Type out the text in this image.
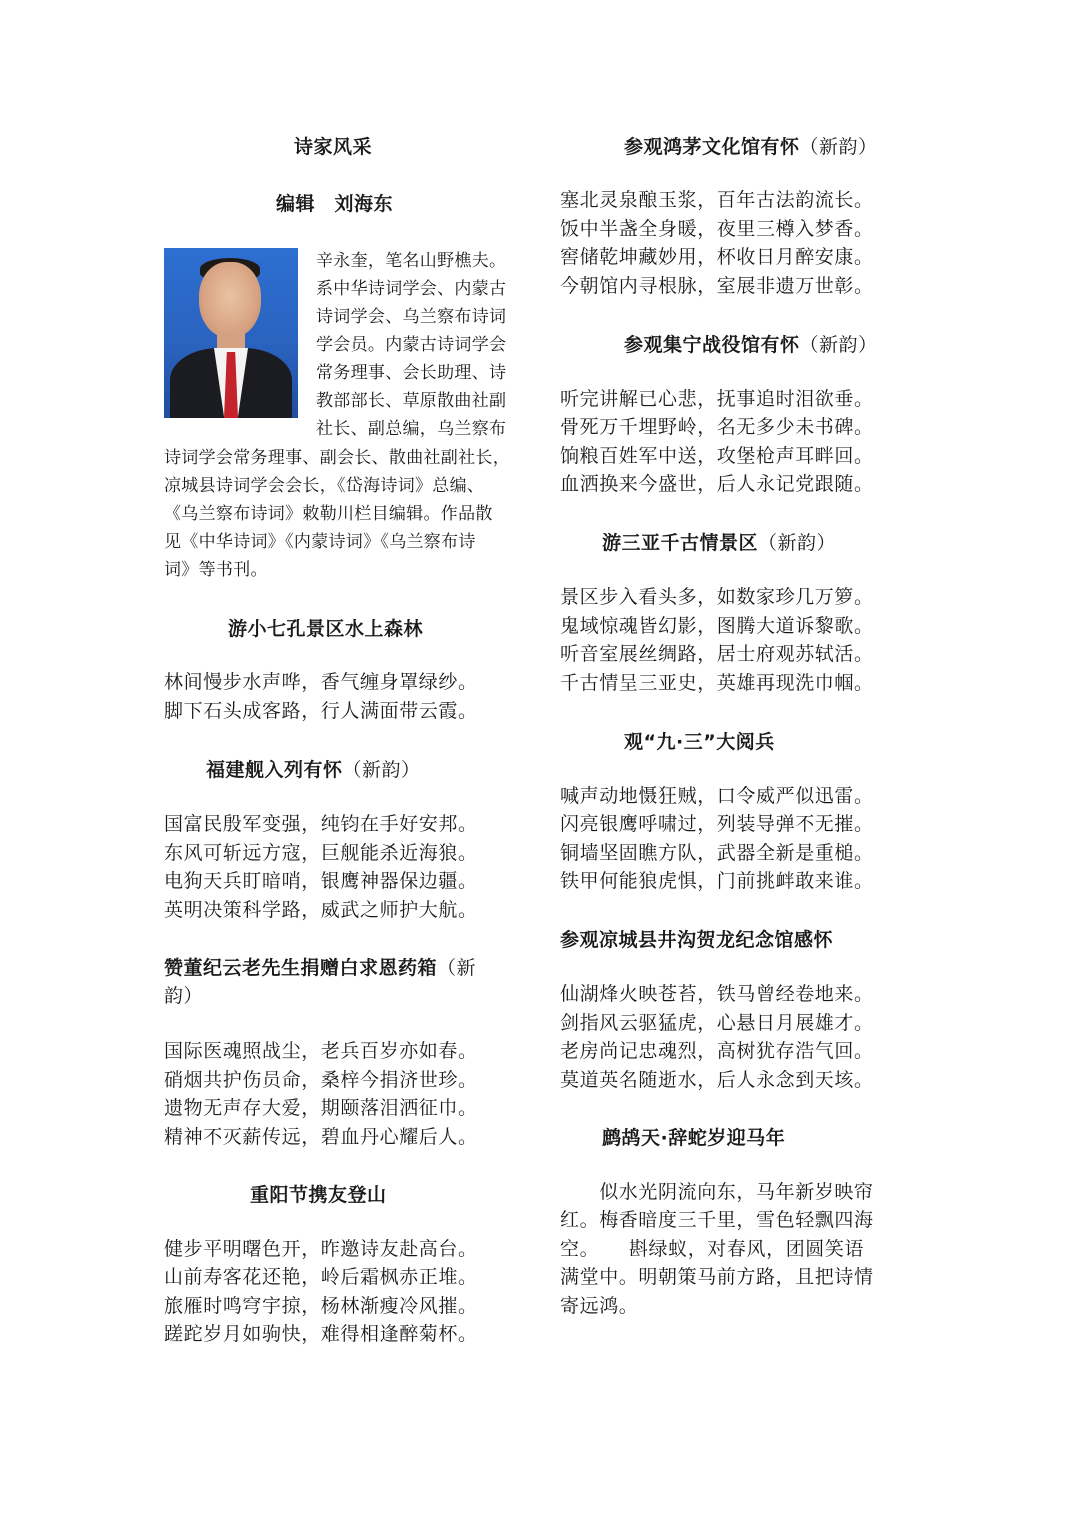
诗家风采
编辑　刘海东
辛永奎，笔名山野樵夫。
系中华诗词学会、内蒙古
诗词学会、乌兰察布诗词
学会员。内蒙古诗词学会
常务理事、会长助理、诗
教部部长、草原散曲社副
社长、副总编，乌兰察布
诗词学会常务理事、副会长、散曲社副社长，
凉城县诗词学会会长，《岱海诗词》总编、
《乌兰察布诗词》敕勒川栏目编辑。作品散
见《中华诗词》《内蒙诗词》《乌兰察布诗
词》等书刊。
游小七孔景区水上森林
林间慢步水声哗，香气缠身罩绿纱。
脚下石头成客路，行人满面带云霞。
福建舰入列有怀（新韵）
国富民殷军变强，纯钧在手好安邦。
东风可斩远方寇，巨舰能杀近海狼。
电狗天兵盯暗哨，银鹰神器保边疆。
英明决策科学路，威武之师护大航。
赞董纪云老先生捐赠白求恩药箱（新
韵）
国际医魂照战尘，老兵百岁亦如春。
硝烟共护伤员命，桑梓今捐济世珍。
遗物无声存大爱，期颐落泪洒征巾。
精神不灭薪传远，碧血丹心耀后人。
重阳节携友登山
健步平明曙色开，昨邀诗友赴高台。
山前寿客花还艳，岭后霜枫赤正堆。
旅雁时鸣穹宇掠，杨林渐瘦冷风摧。
蹉跎岁月如驹快，难得相逢醉菊杯。
参观鸿茅文化馆有怀（新韵）
塞北灵泉酿玉浆，百年古法韵流长。
饭中半盏全身暖，夜里三樽入梦香。
窖储乾坤藏妙用，杯收日月醉安康。
今朝馆内寻根脉，室展非遗万世彰。
参观集宁战役馆有怀（新韵）
听完讲解已心悲，抚事追时泪欲垂。
骨死万千埋野岭，名无多少未书碑。
饷粮百姓军中送，攻堡枪声耳畔回。
血洒换来今盛世，后人永记党跟随。
游三亚千古情景区（新韵）
景区步入看头多，如数家珍几万箩。
鬼域惊魂皆幻影，图腾大道诉黎歌。
听音室展丝绸路，居士府观苏轼活。
千古情呈三亚史，英雄再现洗巾帼。
观“九·三”大阅兵
喊声动地慑狂贼，口令威严似迅雷。
闪亮银鹰呼啸过，列装导弹不无摧。
铜墙坚固瞧方队，武器全新是重槌。
铁甲何能狼虎惧，门前挑衅敢来谁。
参观凉城县井沟贺龙纪念馆感怀
仙湖烽火映苍苔，铁马曾经卷地来。
剑指风云驱猛虎，心悬日月展雄才。
老房尚记忠魂烈，高树犹存浩气回。
莫道英名随逝水，后人永念到天垓。
鹧鸪天·辞蛇岁迎马年
　　似水光阴流向东，马年新岁映帘
红。梅香暗度三千里，雪色轻飘四海
空。　　斟绿蚁，对春风，团圆笑语
满堂中。明朝策马前方路，且把诗情
寄远鸿。
